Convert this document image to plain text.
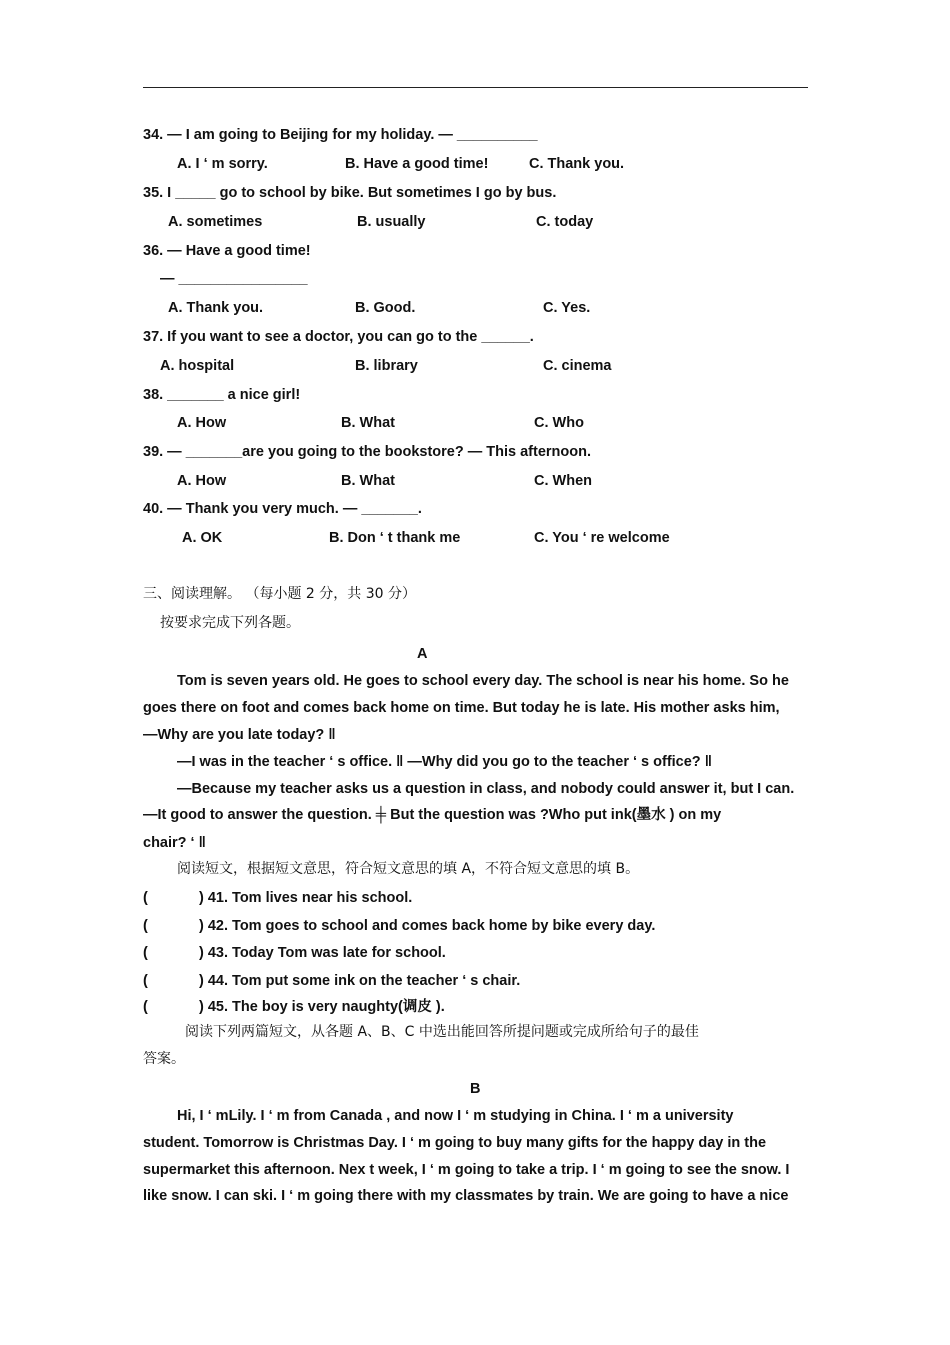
34. — I am going to Beijing for my holiday. — __________
A. I ‘ m sorry.	B. Have a good time!	C. Thank you.
35. I _____ go to school by bike. But sometimes I go by bus.
A. sometimes	B. usually	C. today
36. — Have a good time!
— ________________
A. Thank you.	B. Good.	C. Yes.
37. If you want to see a doctor, you can go to the ______.
A. hospital	B. library	C. cinema
38. _______ a nice girl!
A. How	B. What	C. Who
39. — _______are you going to the bookstore? — This afternoon.
A. How	B. What	C. When
40. — Thank you very much. — _______.
A. OK	B. Don ‘ t thank me	C. You ‘ re welcome
三、阅读理解。 （每小题 2 分，共 30 分）
按要求完成下列各题。
A
Tom is seven years old. He goes to school every day. The school is near his home. So he
goes there on foot and comes back home on time. But today he is late. His mother asks him,
—Why are you late today? ‖
—I was in the teacher ‘ s office. ‖ —Why did you go to the teacher ‘ s office? ‖
—Because my teacher asks us a question in class, and nobody could answer it, but I can.
—It good to answer the question. ╪ But the question was ?Who put ink(墨水 ) on my
chair? ‘ ‖
阅读短文，根据短文意思，符合短文意思的填 A，不符合短文意思的填 B。
(	) 41. Tom lives near his school.
(	) 42. Tom goes to school and comes back home by bike every day.
(	) 43. Today Tom was late for school.
(	) 44. Tom put some ink on the teacher ‘ s chair.
(	) 45. The boy is very naughty(调皮 ).
阅读下列两篇短文，从各题 A、B、C 中选出能回答所提问题或完成所给句子的最佳
答案。
B
Hi, I ‘ mLily. I ‘ m from Canada , and now I ‘ m studying in China. I ‘ m a university
student. Tomorrow is Christmas Day. I ‘ m going to buy many gifts for the happy day in the
supermarket this afternoon. Nex t week, I ‘ m going to take a trip. I ‘ m going to see the snow. I
like snow. I can ski. I ‘ m going there with my classmates by train. We are going to have a nice
